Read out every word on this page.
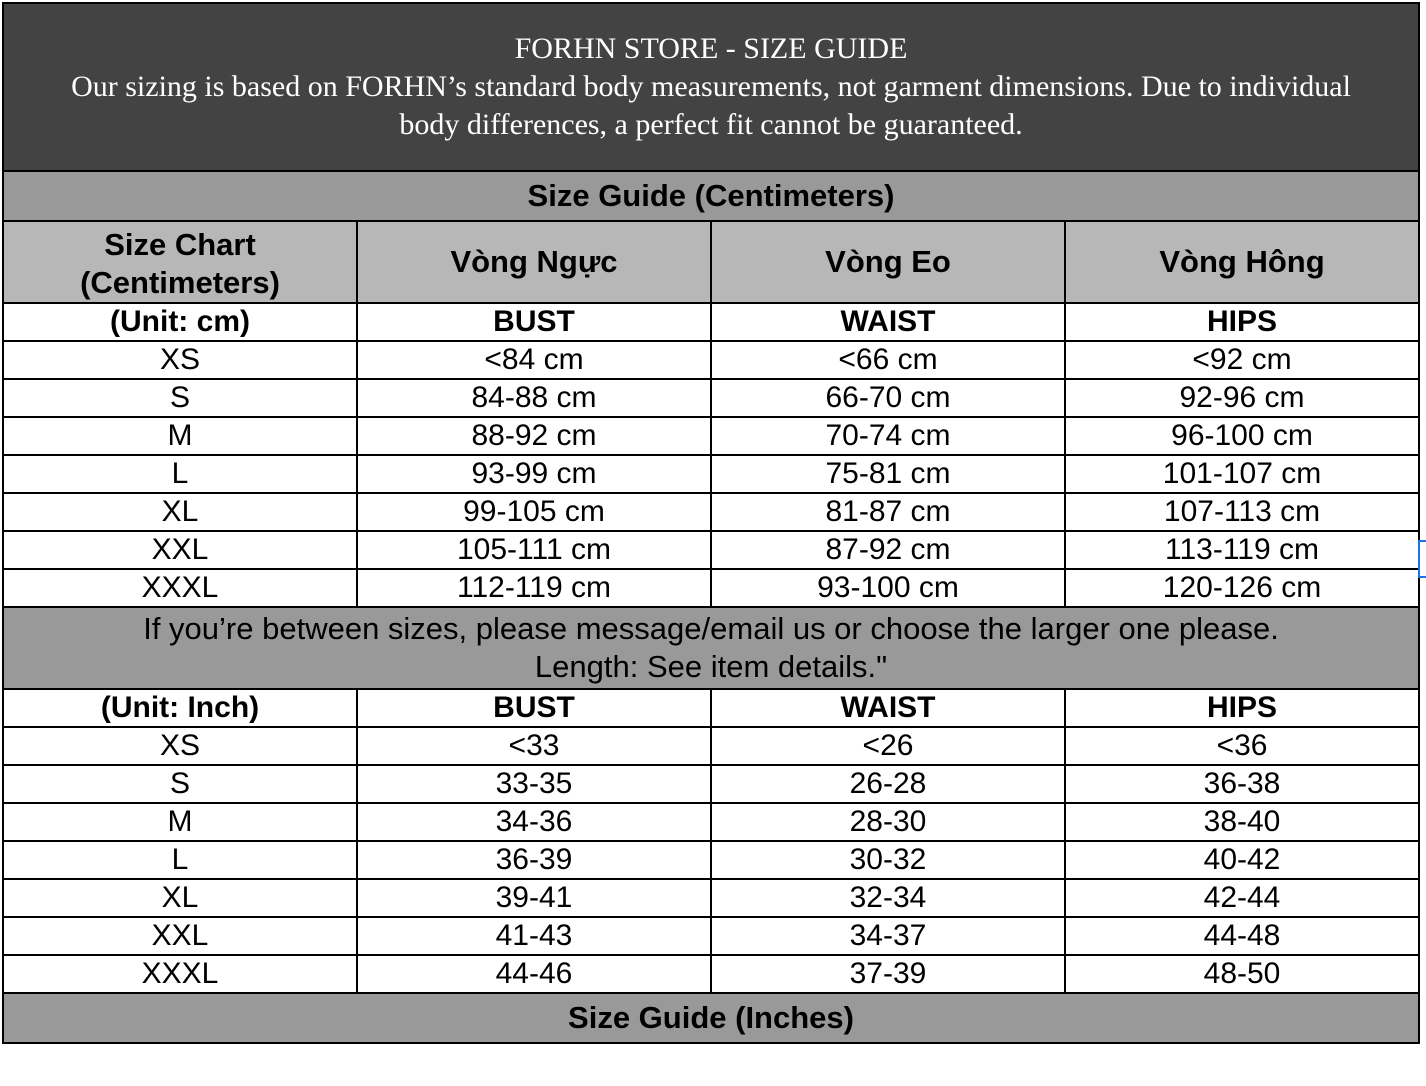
FORHN STORE - SIZE GUIDE
Our sizing is based on FORHN’s standard body measurements, not garment dimensions. Due to individual
body differences, a perfect fit cannot be guaranteed.			

Size Guide (Centimeters)			
Size Chart (Centimeters)	Vòng Ngực	Vòng Eo	Vòng Hông
(Unit: cm)	BUST	WAIST	HIPS
XS	<84 cm	<66 cm	<92 cm
S	84-88 cm	66-70 cm	92-96 cm
M	88-92 cm	70-74 cm	96-100 cm
L	93-99 cm	75-81 cm	101-107 cm
XL	99-105 cm	81-87 cm	107-113 cm
XXL	105-111 cm	87-92 cm	113-119 cm
XXXL	112-119 cm	93-100 cm	120-126 cm

If you’re between sizes, please message/email us or choose the larger one please.
Length: See item details."			

(Unit: Inch)	BUST	WAIST	HIPS
XS	<33	<26	<36
S	33-35	26-28	36-38
M	34-36	28-30	38-40
L	36-39	30-32	40-42
XL	39-41	32-34	42-44
XXL	41-43	34-37	44-48
XXXL	44-46	37-39	48-50
Size Guide (Inches)			
